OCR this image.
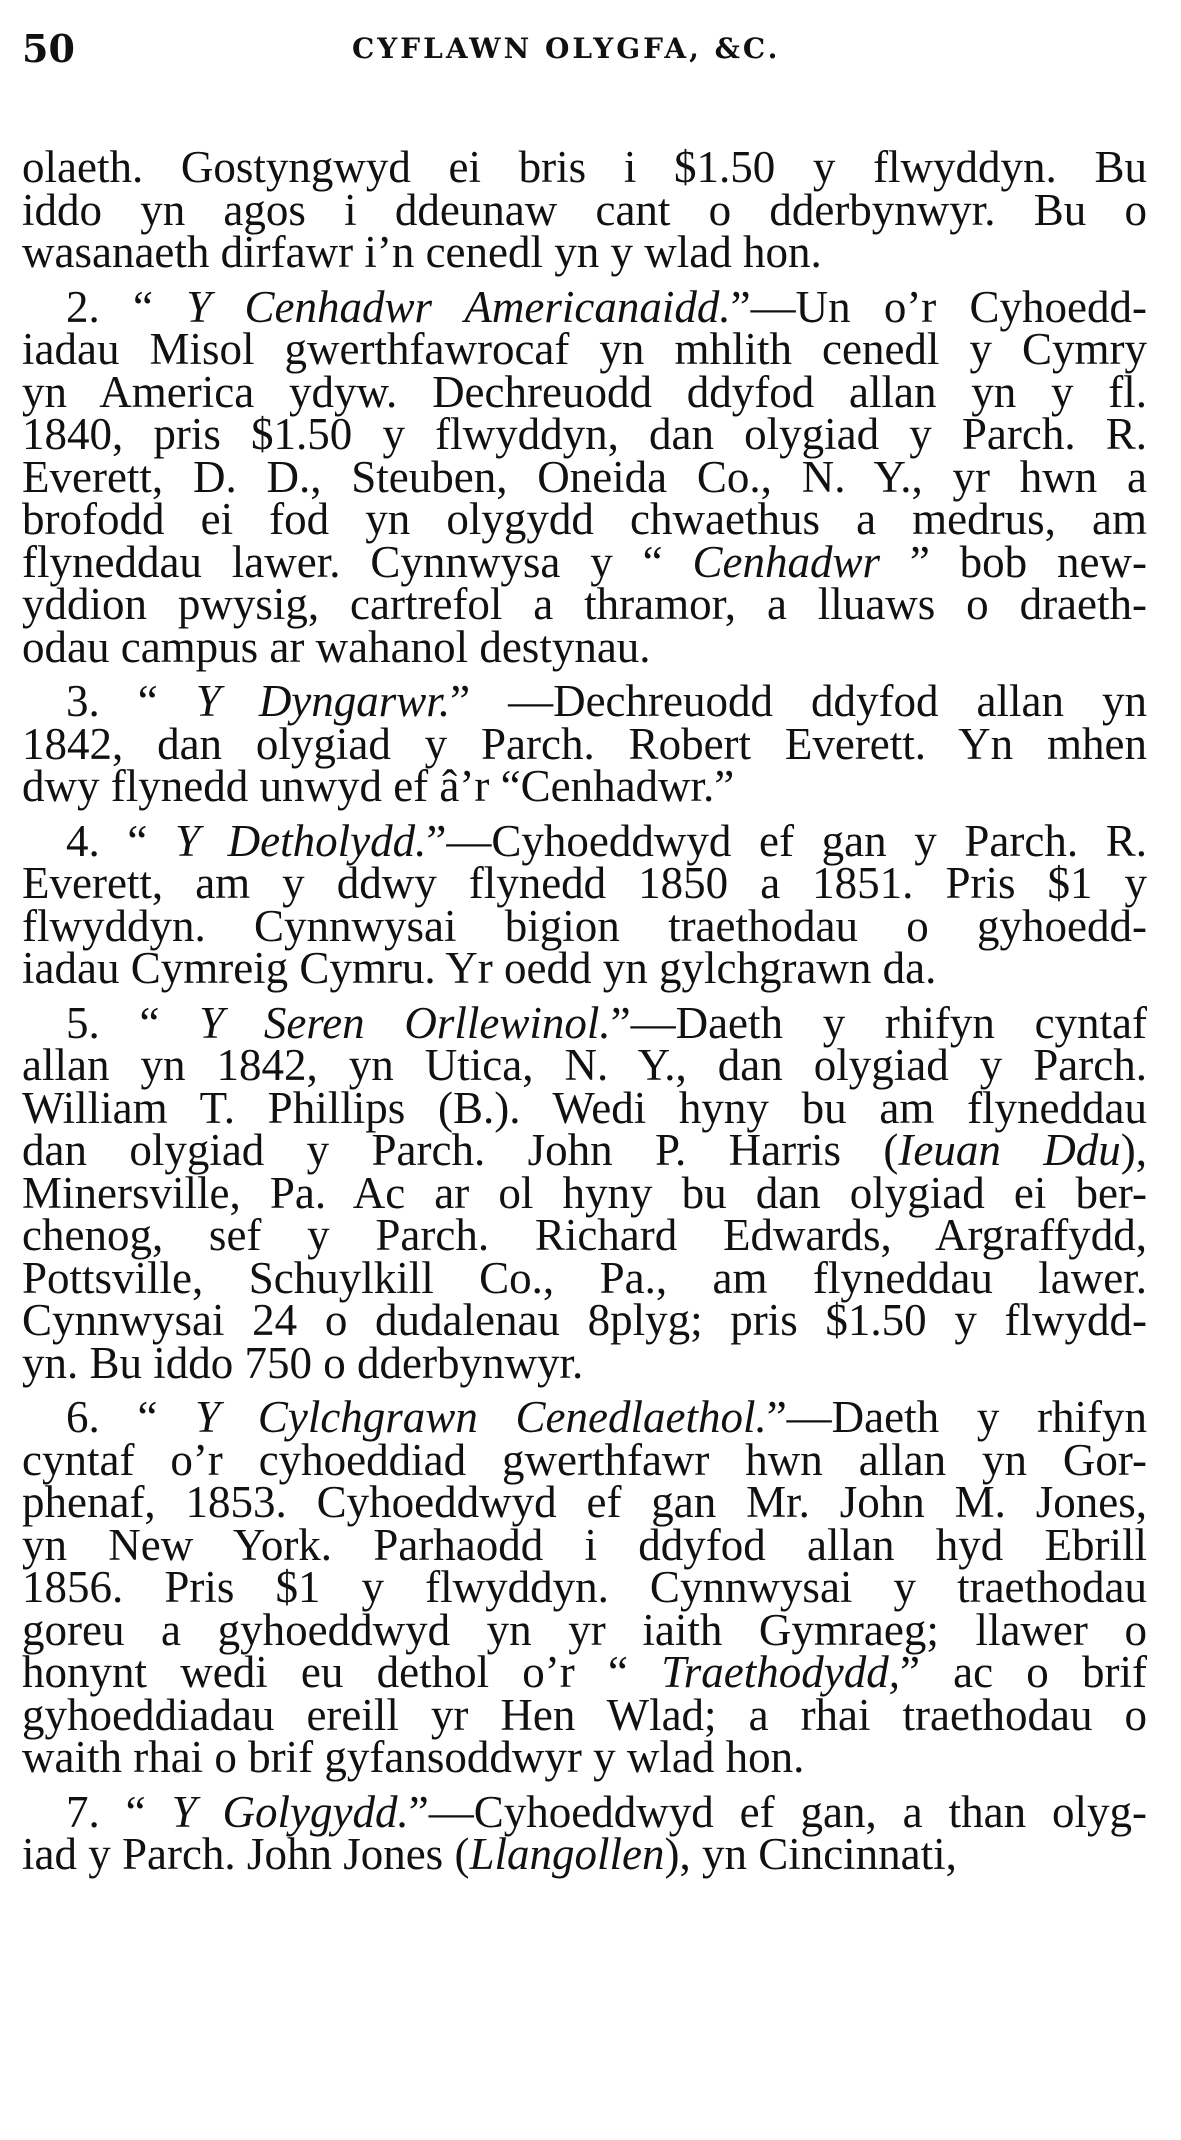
50	CYFLAWN OLYGFA, &C.
olaeth. Gostyngwyd ei bris i $1.50 y flwyddyn. Bu
iddo yn agos i ddeunaw cant o dderbynwyr. Bu o
wasanaeth dirfawr i’n cenedl yn y wlad hon.
2. “ Y Cenhadwr Americanaidd.”—Un o’r Cyhoedd-
iadau Misol gwerthfawrocaf yn mhlith cenedl y Cymry
yn America ydyw. Dechreuodd ddyfod allan yn y fl.
1840, pris $1.50 y flwyddyn, dan olygiad y Parch. R.
Everett, D. D., Steuben, Oneida Co., N. Y., yr hwn a
brofodd ei fod yn olygydd chwaethus a medrus, am
flyneddau lawer. Cynnwysa y “ Cenhadwr ” bob new-
yddion pwysig, cartrefol a thramor, a lluaws o draeth-
odau campus ar wahanol destynau.
3. “ Y Dyngarwr.” —Dechreuodd ddyfod allan yn
1842, dan olygiad y Parch. Robert Everett. Yn mhen
dwy flynedd unwyd ef â’r “Cenhadwr.”
4. “ Y Detholydd.”—Cyhoeddwyd ef gan y Parch. R.
Everett, am y ddwy flynedd 1850 a 1851. Pris $1 y
flwyddyn. Cynnwysai bigion traethodau o gyhoedd-
iadau Cymreig Cymru. Yr oedd yn gylchgrawn da.
5. “ Y Seren Orllewinol.”—Daeth y rhifyn cyntaf
allan yn 1842, yn Utica, N. Y., dan olygiad y Parch.
William T. Phillips (B.). Wedi hyny bu am flyneddau
dan olygiad y Parch. John P. Harris (Ieuan Ddu),
Minersville, Pa. Ac ar ol hyny bu dan olygiad ei ber-
chenog, sef y Parch. Richard Edwards, Argraffydd,
Pottsville, Schuylkill Co., Pa., am flyneddau lawer.
Cynnwysai 24 o dudalenau 8plyg; pris $1.50 y flwydd-
yn. Bu iddo 750 o dderbynwyr.
6. “ Y Cylchgrawn Cenedlaethol.”—Daeth y rhifyn
cyntaf o’r cyhoeddiad gwerthfawr hwn allan yn Gor-
phenaf, 1853. Cyhoeddwyd ef gan Mr. John M. Jones,
yn New York. Parhaodd i ddyfod allan hyd Ebrill
1856. Pris $1 y flwyddyn. Cynnwysai y traethodau
goreu a gyhoeddwyd yn yr iaith Gymraeg; llawer o
honynt wedi eu dethol o’r “ Traethodydd,” ac o brif
gyhoeddiadau ereill yr Hen Wlad; a rhai traethodau o
waith rhai o brif gyfansoddwyr y wlad hon.
7. “ Y Golygydd.”—Cyhoeddwyd ef gan, a than olyg-
iad y Parch. John Jones (Llangollen), yn Cincinnati,
